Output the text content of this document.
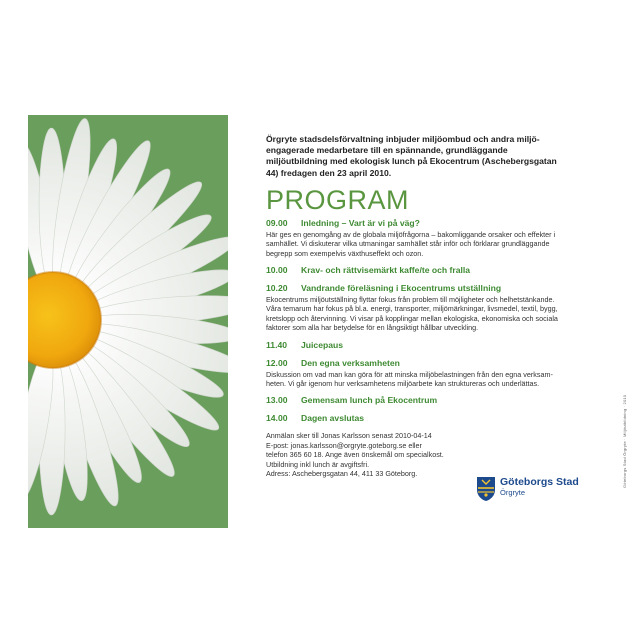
Örgryte stadsdelsförvaltning inbjuder miljöombud och andra miljö-engagerade medarbetare till en spännande, grundläggande miljöutbildning med ekologisk lunch på Ekocentrum (Aschebergsgatan 44) fredagen den 23 april 2010.

PROGRAM
09.00	Inledning – Vart är vi på väg?
Här ges en genomgång av de globala miljöfrågorna – bakomliggande orsaker och effekter i samhället. Vi diskuterar vilka utmaningar samhället står inför och förklarar grundläggande begrepp som exempelvis växthuseffekt och ozon.
10.00	Krav- och rättvisemärkt kaffe/te och fralla
10.20	Vandrande föreläsning i Ekocentrums utställning
Ekocentrums miljöutställning flyttar fokus från problem till möjligheter och helhetstänkande. Våra temarum har fokus på bl.a. energi, transporter, miljömärkningar, livsmedel, textil, bygg, kretslopp och återvinning. Vi visar på kopplingar mellan ekologiska, ekonomiska och sociala faktorer som alla har betydelse för en långsiktigt hållbar utveckling.
11.40	Juicepaus
12.00	Den egna verksamheten
Diskussion om vad man kan göra för att minska miljöbelastningen från den egna verksam-heten. Vi går igenom hur verksamhetens miljöarbete kan struktureras och underlättas.
13.00	Gemensam lunch på Ekocentrum
14.00	Dagen avslutas
Anmälan sker till Jonas Karlsson senast 2010-04-14
E-post: jonas.karlsson@orgryte.goteborg.se eller
telefon 365 60 18. Ange även önskemål om specialkost.
Utbildning inkl lunch är avgiftsfri.
Adress: Aschebergsgatan 44, 411 33 Göteborg.
Göteborgs Stad
Örgryte
Göteborgs Stad Örgryte · Miljöutbildning · 2010
